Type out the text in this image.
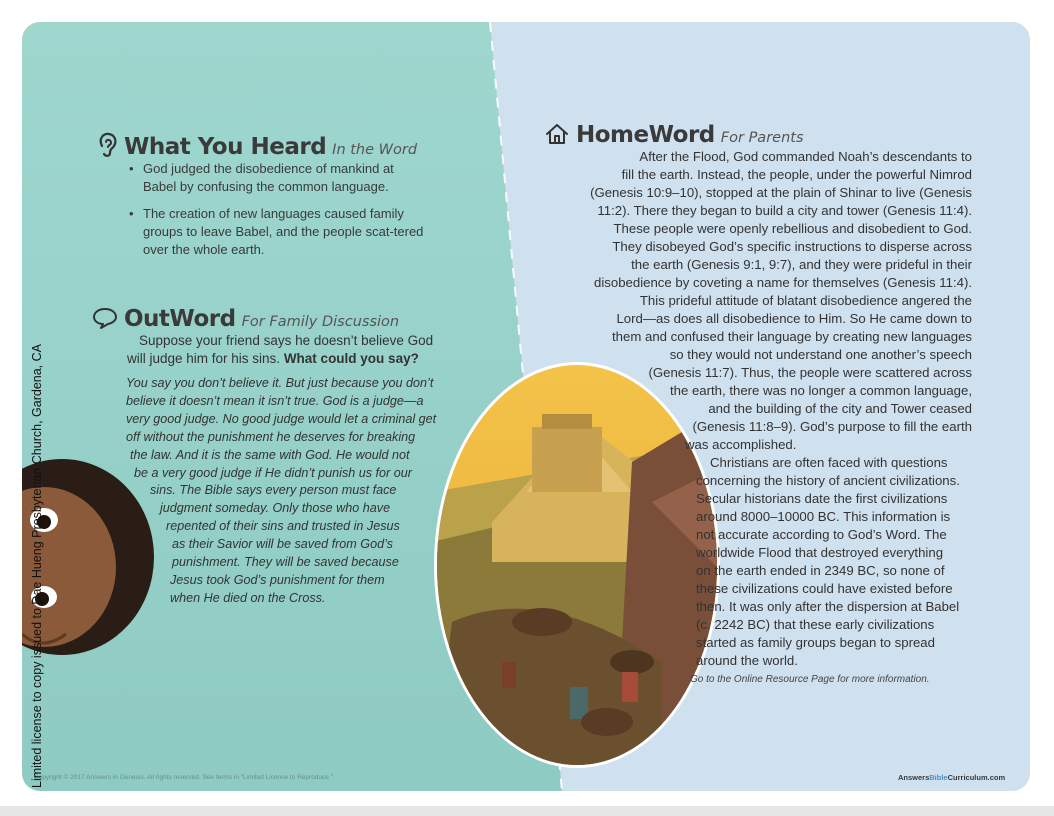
What You Heard In the Word
• God judged the disobedience of mankind at Babel by confusing the common language.
• The creation of new languages caused family groups to leave Babel, and the people scat-tered over the whole earth.
OutWord For Family Discussion
Suppose your friend says he doesn’t believe God will judge him for his sins. What could you say?
You say you don’t believe it. But just because you don’t
believe it doesn’t mean it isn’t true. God is a judge—a
very good judge. No good judge would let a criminal get
off without the punishment he deserves for breaking
the law. And it is the same with God. He would not
be a very good judge if He didn’t punish us for our
sins. The Bible says every person must face
judgment someday. Only those who have
repented of their sins and trusted in Jesus
as their Savior will be saved from God’s
punishment. They will be saved because
Jesus took God’s punishment for them
when He died on the Cross.
HomeWord For Parents
After the Flood, God commanded Noah’s descendants to
fill the earth. Instead, the people, under the powerful Nimrod
(Genesis 10:9–10), stopped at the plain of Shinar to live (Genesis
11:2). There they began to build a city and tower (Genesis 11:4).
These people were openly rebellious and disobedient to God.
They disobeyed God’s specific instructions to disperse across
the earth (Genesis 9:1, 9:7), and they were prideful in their
disobedience by coveting a name for themselves (Genesis 11:4).
This prideful attitude of blatant disobedience angered the
Lord—as does all disobedience to Him. So He came down to
them and confused their language by creating new languages
so they would not understand one another’s speech
(Genesis 11:7). Thus, the people were scattered across
the earth, there was no longer a common language,
and the building of the city and Tower ceased
(Genesis 11:8–9). God’s purpose to fill the earth
was accomplished.
Christians are often faced with questions
concerning the history of ancient civilizations.
Secular historians date the first civilizations
around 8000–10000 BC. This information is
not accurate according to God’s Word. The
worldwide Flood that destroyed everything
on the earth ended in 2349 BC, so none of
these civilizations could have existed before
then. It was only after the dispersion at Babel
(c. 2242 BC) that these early civilizations
started as family groups began to spread
around the world.
Go to the Online Resource Page for more information.
Copyright © 2017 Answers in Genesis. All rights reserved. See terms in “Limited License to Reproduce.”	AnswersBibleCurriculum.com
Limited license to copy issued to Dae Hueng Presbyterian Church, Gardena, CA
